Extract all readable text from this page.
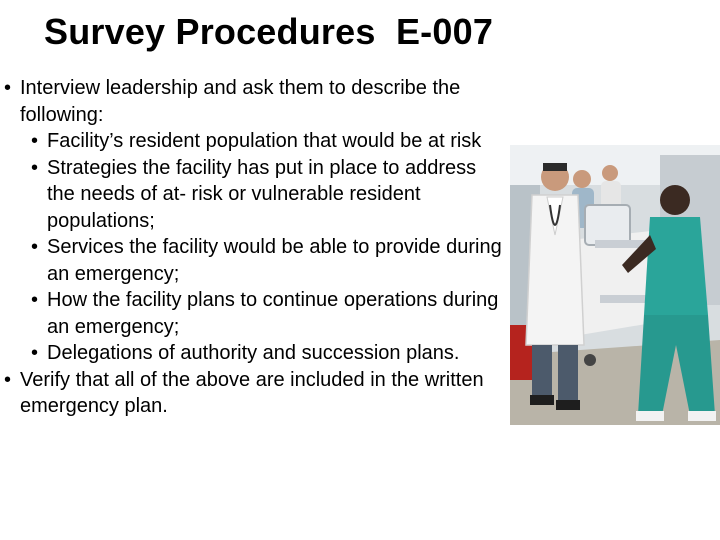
Survey Procedures  E-007
• Interview leadership and ask them to describe the following:
• Facility’s resident population that would be at risk
• Strategies the facility has put in place to address the needs of at- risk or vulnerable resident populations;
• Services the facility would be able to provide during an emergency;
• How the facility plans to continue operations during an emergency;
• Delegations of authority and succession plans.
• Verify that all of the above are included in the written emergency plan.
